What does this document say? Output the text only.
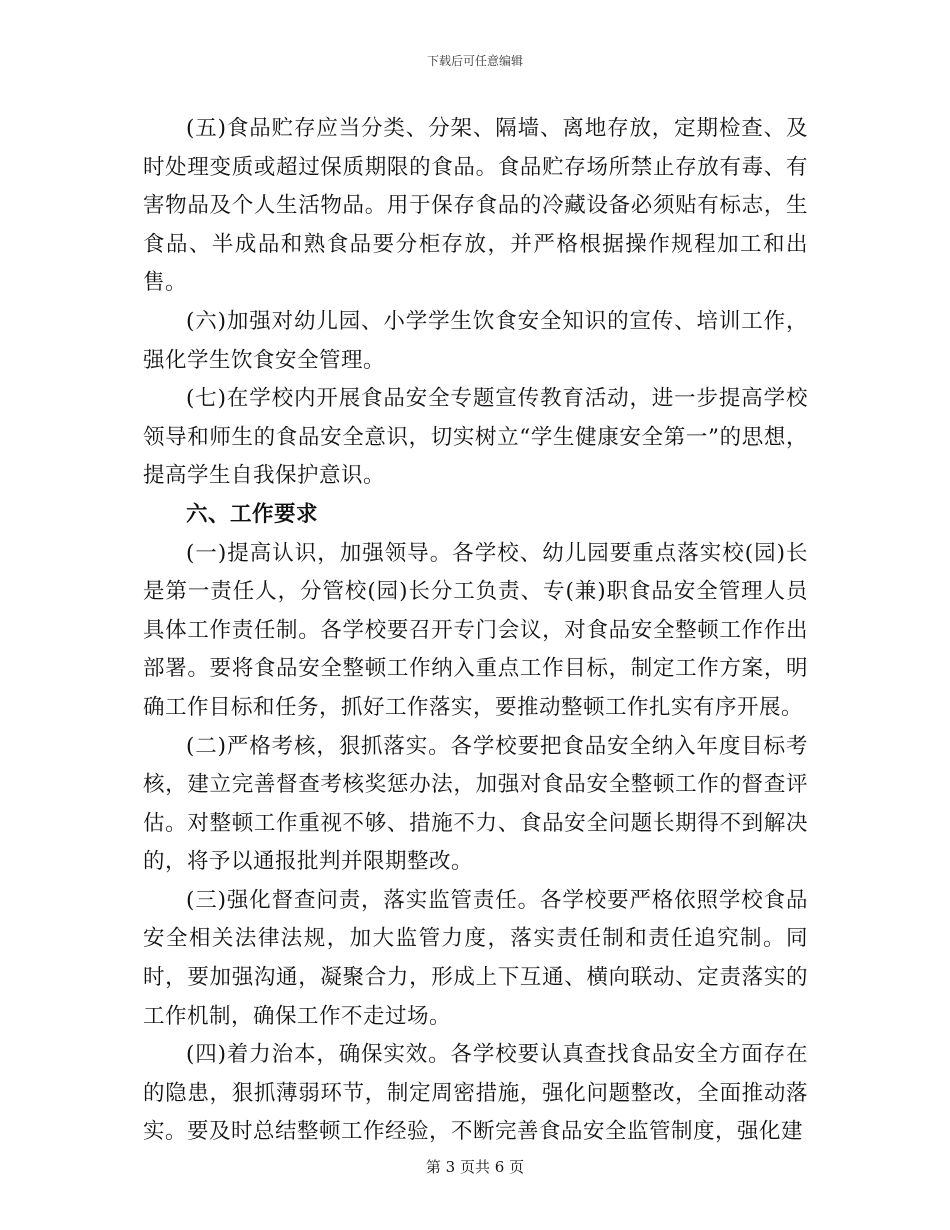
下载后可任意编辑

(五)食品贮存应当分类、分架、隔墙、离地存放，定期检查、及时处理变质或超过保质期限的食品。食品贮存场所禁止存放有毒、有害物品及个人生活物品。用于保存食品的冷藏设备必须贴有标志，生食品、半成品和熟食品要分柜存放，并严格根据操作规程加工和出售。

(六)加强对幼儿园、小学学生饮食安全知识的宣传、培训工作，强化学生饮食安全管理。

(七)在学校内开展食品安全专题宣传教育活动，进一步提高学校领导和师生的食品安全意识，切实树立“学生健康安全第一”的思想，提高学生自我保护意识。

六、工作要求

(一)提高认识，加强领导。各学校、幼儿园要重点落实校(园)长是第一责任人，分管校(园)长分工负责、专(兼)职食品安全管理人员具体工作责任制。各学校要召开专门会议，对食品安全整顿工作作出部署。要将食品安全整顿工作纳入重点工作目标，制定工作方案，明确工作目标和任务，抓好工作落实，要推动整顿工作扎实有序开展。

(二)严格考核，狠抓落实。各学校要把食品安全纳入年度目标考核，建立完善督查考核奖惩办法，加强对食品安全整顿工作的督查评估。对整顿工作重视不够、措施不力、食品安全问题长期得不到解决的，将予以通报批判并限期整改。

(三)强化督查问责，落实监管责任。各学校要严格依照学校食品安全相关法律法规，加大监管力度，落实责任制和责任追究制。同时，要加强沟通，凝聚合力，形成上下互通、横向联动、定责落实的工作机制，确保工作不走过场。

(四)着力治本，确保实效。各学校要认真查找食品安全方面存在的隐患，狠抓薄弱环节，制定周密措施，强化问题整改，全面推动落实。要及时总结整顿工作经验，不断完善食品安全监管制度，强化建

第 3 页共 6 页
